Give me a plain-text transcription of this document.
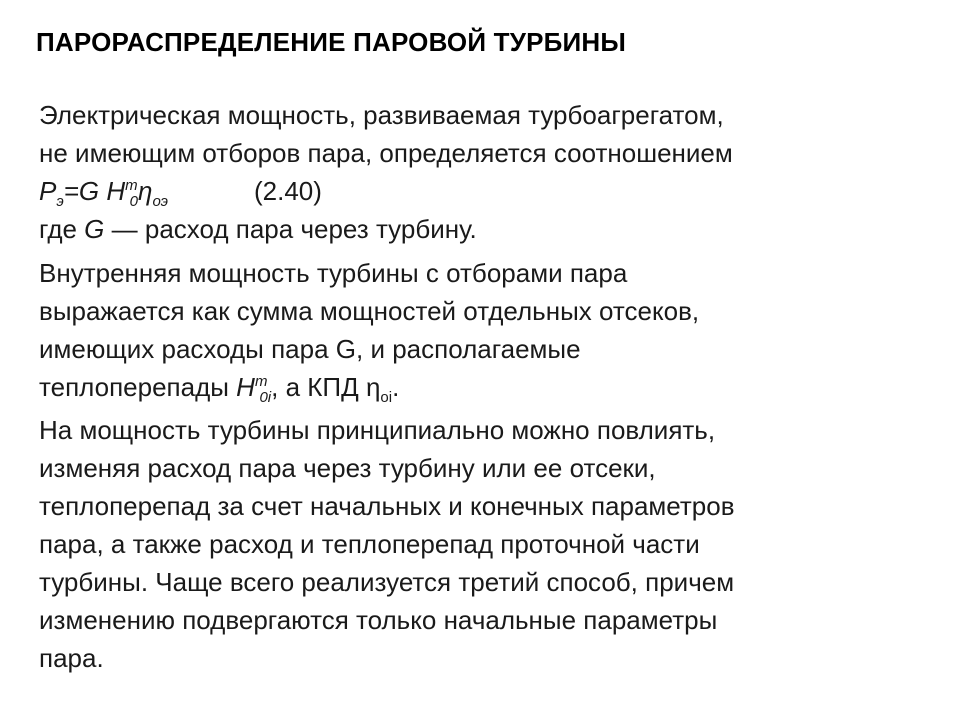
ПАРОРАСПРЕДЕЛЕНИЕ ПАРОВОЙ ТУРБИНЫ
Электрическая мощность, развиваемая турбоагрегатом,
не имеющим отборов пара, определяется соотношением
$P_э=G$ $H^т_0\eta_{оэ}$	(2.40)
где G — расход пара через турбину.
Внутренняя мощность турбины с отборами пара
выражается как сумма мощностей отдельных отсеков,
имеющих расходы пара G, и располагаемые
теплоперепады $H^т_{0i}$, а КПД $\eta_{oi}$.
На мощность турбины принципиально можно повлиять,
изменяя расход пара через турбину или ее отсеки,
теплоперепад за счет начальных и конечных параметров
пара, а также расход и теплоперепад проточной части
турбины. Чаще всего реализуется третий способ, причем
изменению подвергаются только начальные параметры
пара.
